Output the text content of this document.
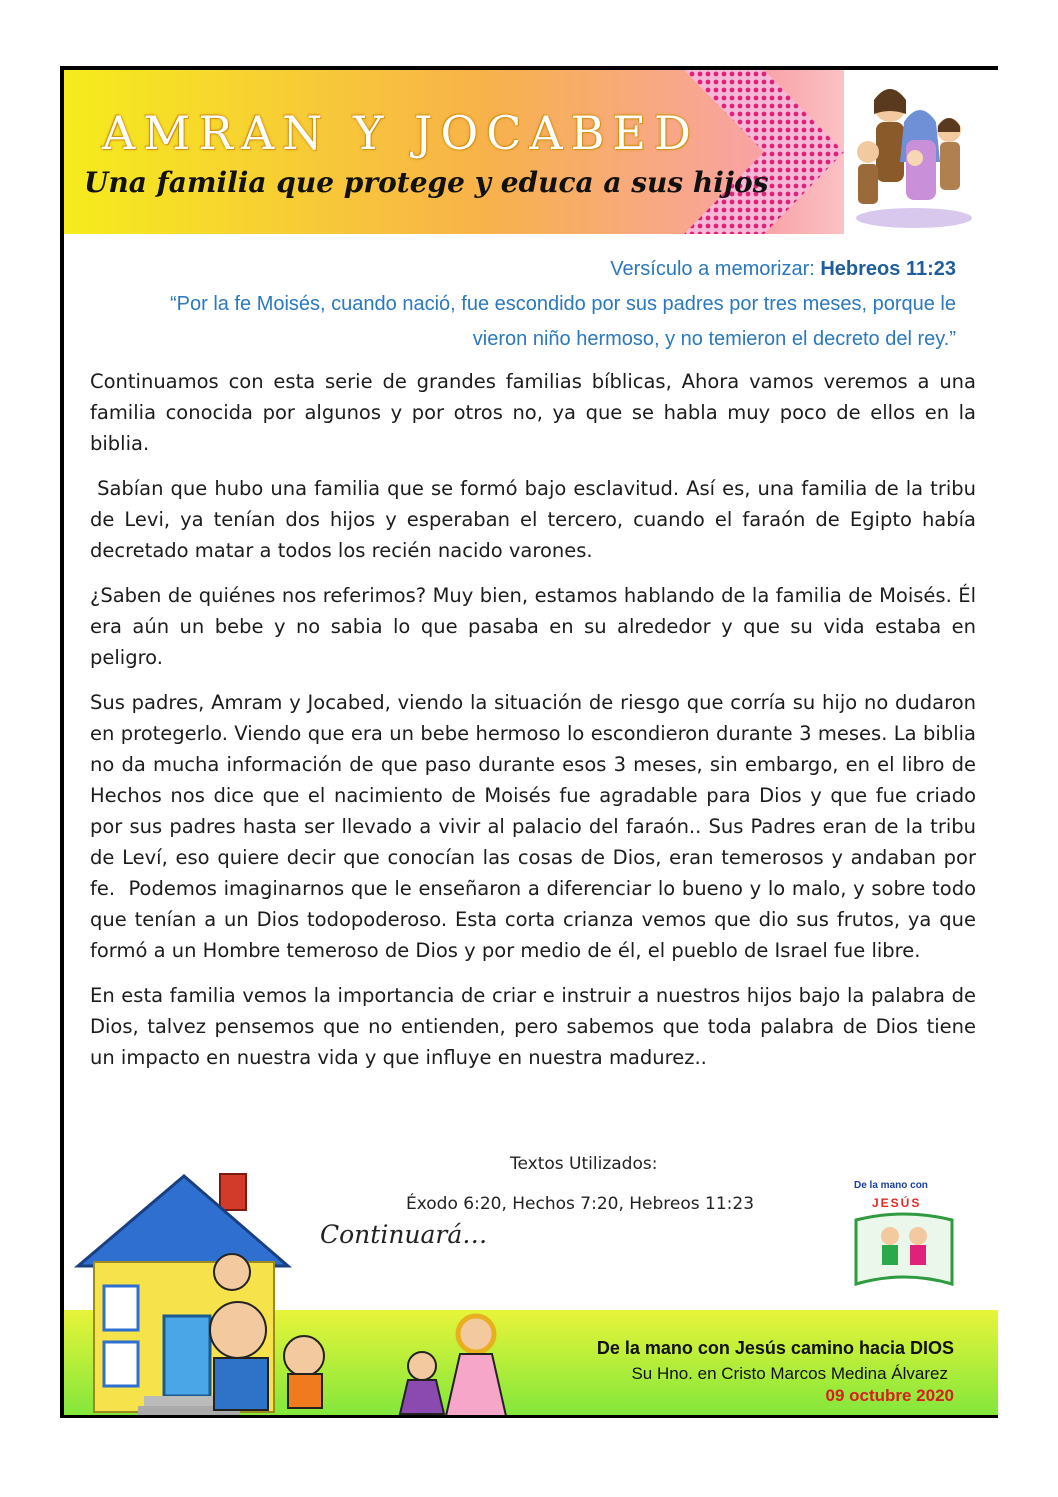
AMRAN Y JOCABED
Una familia que protege y educa a sus hijos
Versículo a memorizar: Hebreos 11:23
“Por la fe Moisés, cuando nació, fue escondido por sus padres por tres meses, porque le vieron niño hermoso, y no temieron el decreto del rey.”

Continuamos con esta serie de grandes familias bíblicas, Ahora vamos veremos a una familia conocida por algunos y por otros no, ya que se habla muy poco de ellos en la biblia.

Sabían que hubo una familia que se formó bajo esclavitud. Así es, una familia de la tribu de Levi, ya tenían dos hijos y esperaban el tercero, cuando el faraón de Egipto había decretado matar a todos los recién nacido varones.

¿Saben de quiénes nos referimos? Muy bien, estamos hablando de la familia de Moisés. Él era aún un bebe y no sabia lo que pasaba en su alrededor y que su vida estaba en peligro.

Sus padres, Amram y Jocabed, viendo la situación de riesgo que corría su hijo no dudaron en protegerlo. Viendo que era un bebe hermoso lo escondieron durante 3 meses. La biblia no da mucha información de que paso durante esos 3 meses, sin embargo, en el libro de Hechos nos dice que el nacimiento de Moisés fue agradable para Dios y que fue criado por sus padres hasta ser llevado a vivir al palacio del faraón.. Sus Padres eran de la tribu de Leví, eso quiere decir que conocían las cosas de Dios, eran temerosos y andaban por fe.  Podemos imaginarnos que le enseñaron a diferenciar lo bueno y lo malo, y sobre todo que tenían a un Dios todopoderoso. Esta corta crianza vemos que dio sus frutos, ya que formó a un Hombre temeroso de Dios y por medio de él, el pueblo de Israel fue libre.

En esta familia vemos la importancia de criar e instruir a nuestros hijos bajo la palabra de Dios, talvez pensemos que no entienden, pero sabemos que toda palabra de Dios tiene un impacto en nuestra vida y que influye en nuestra madurez..

Textos Utilizados:
Éxodo 6:20, Hechos 7:20, Hebreos 11:23
Continuará…
De la mano con
JESÚS
De la mano con Jesús camino hacia DIOS
Su Hno. en Cristo Marcos Medina Álvarez
09 octubre 2020
